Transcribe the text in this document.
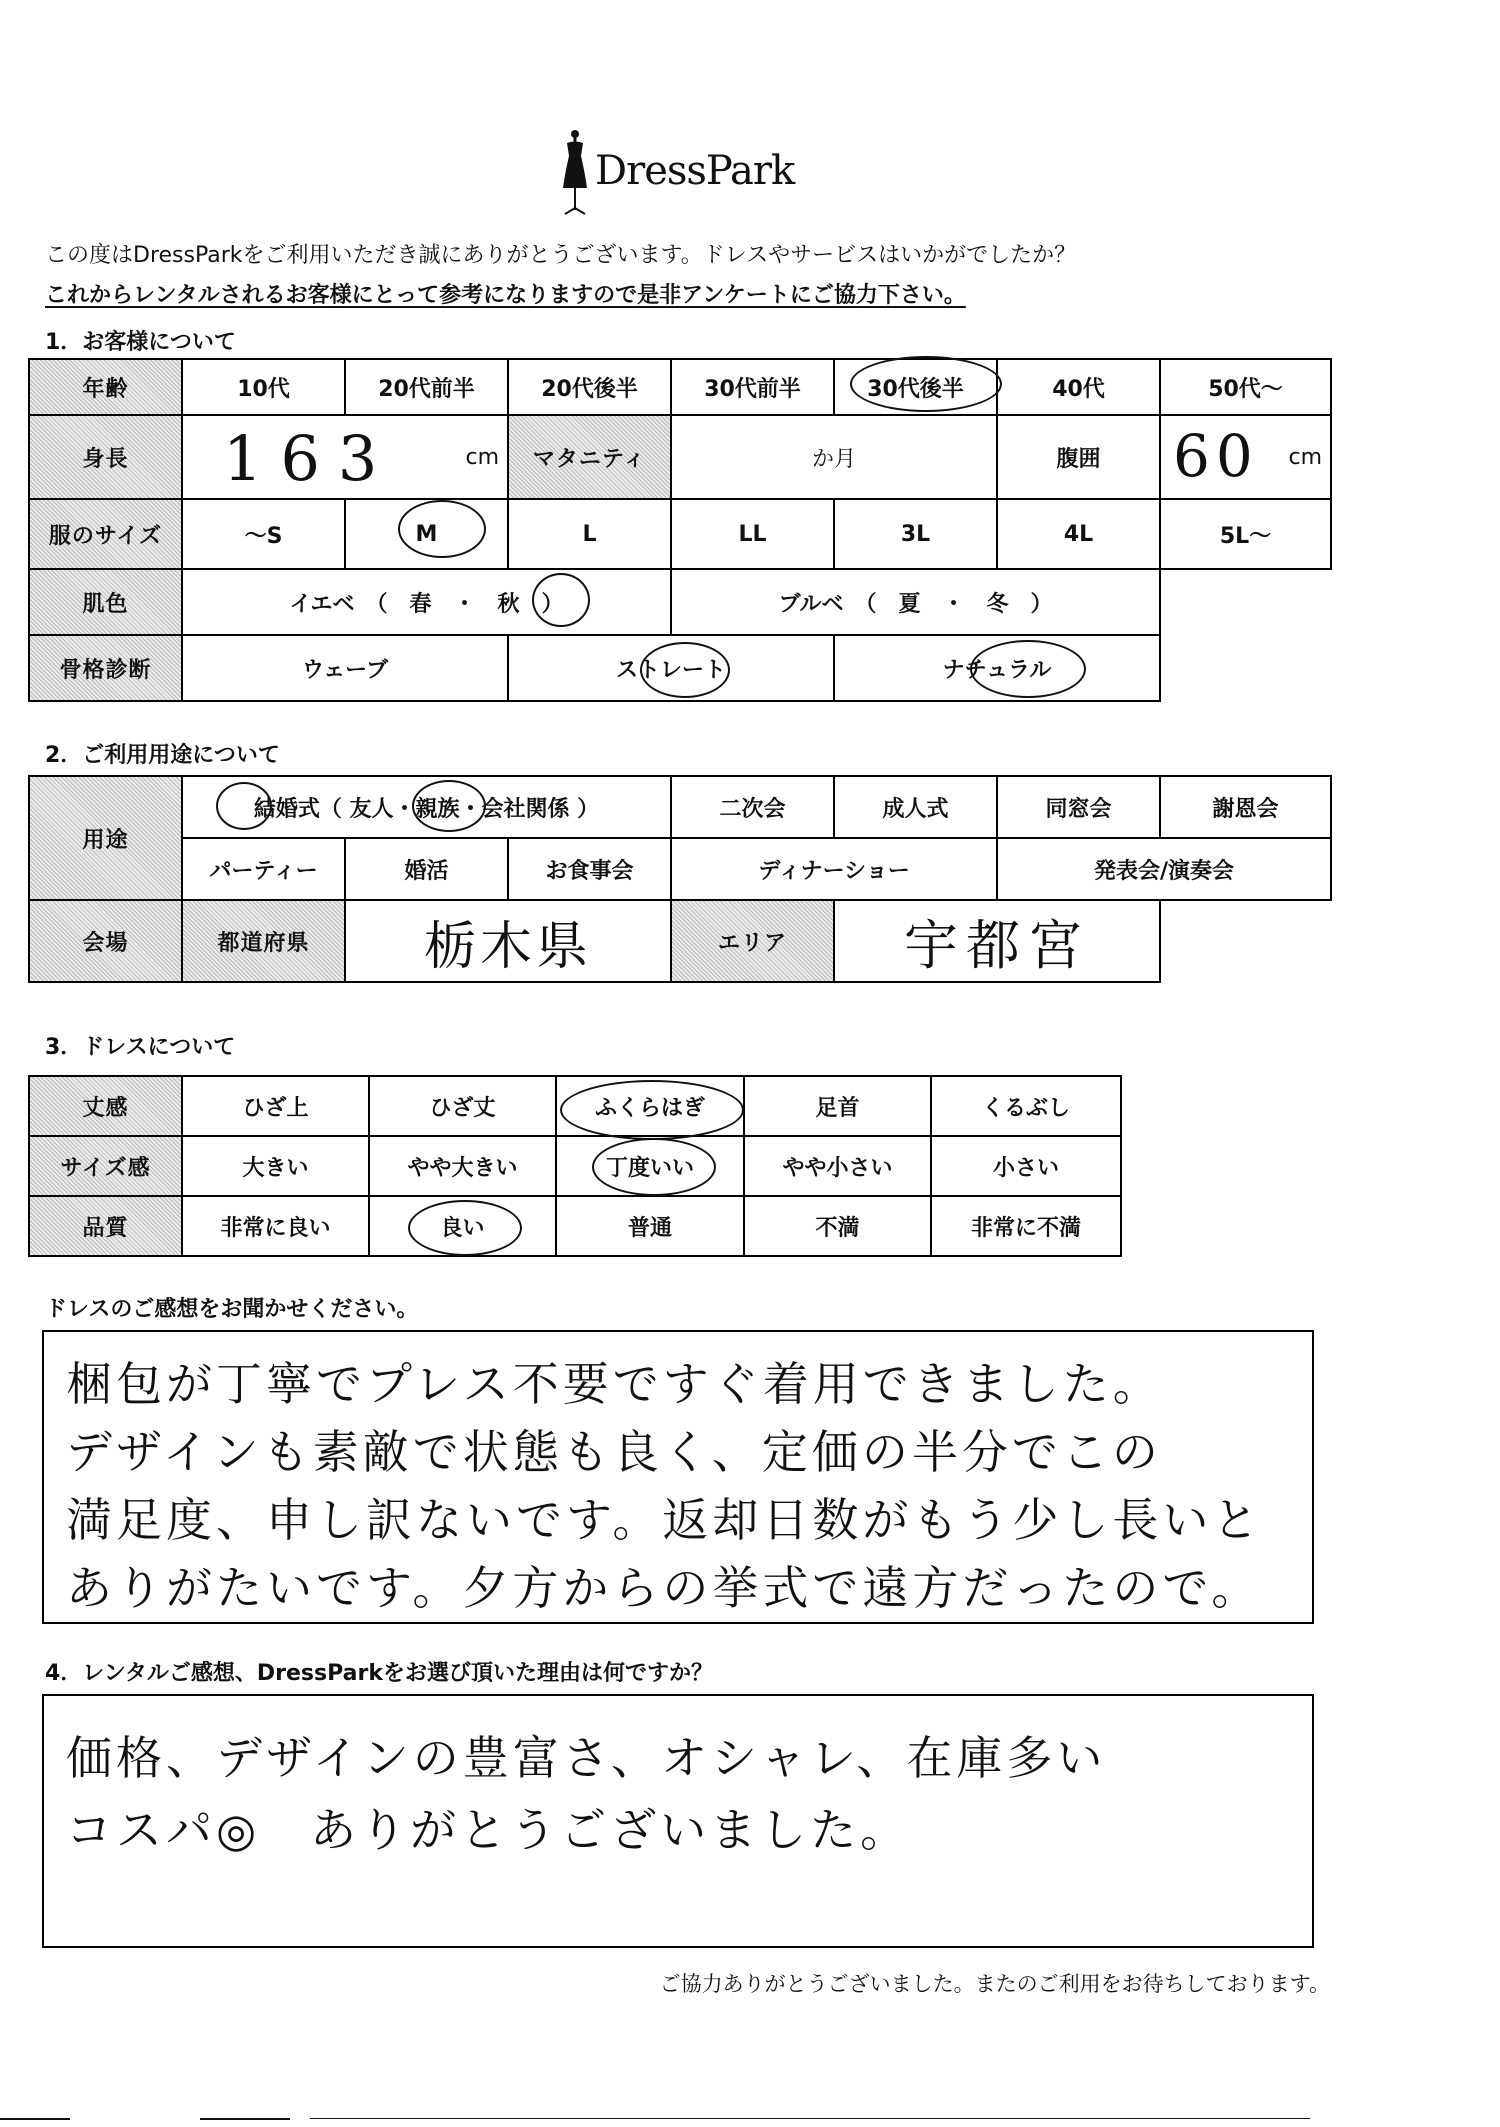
DressPark
この度はDressParkをご利用いただき誠にありがとうございます。ドレスやサービスはいかがでしたか？
これからレンタルされるお客様にとって参考になりますので是非アンケートにご協力下さい。
1．お客様について
年齢	10代	20代前半	20代後半	30代前半	30代後半	40代	50代～
身長	163 cm		マタニティ	か月		腹囲	60 cm
服のサイズ	～S	M	L	LL	3L	4L	5L～
肌色	イエベ　（　春　・　秋　）			ブルベ　（　夏　・　冬　）			
骨格診断	ウェーブ		ストレート		ナチュラル		
2．ご利用用途について
用途	結婚式（ 友人・親族・会社関係 ）			二次会	成人式	同窓会	謝恩会
	パーティー	婚活	お食事会	ディナーショー		発表会/演奏会	
会場	都道府県	栃木県		エリア	宇都宮		
3．ドレスについて
丈感	ひざ上	ひざ丈	ふくらはぎ	足首	くるぶし
サイズ感	大きい	やや大きい	丁度いい	やや小さい	小さい
品質	非常に良い	良い	普通	不満	非常に不満
ドレスのご感想をお聞かせください。
梱包が丁寧でプレス不要ですぐ着用できました。
デザインも素敵で状態も良く、定価の半分でこの
満足度、申し訳ないです。返却日数がもう少し長いと
ありがたいです。夕方からの挙式で遠方だったので。
4．レンタルご感想、DressParkをお選び頂いた理由は何ですか？
価格、デザインの豊富さ、オシャレ、在庫多い
コスパ◎　ありがとうございました。
ご協力ありがとうございました。またのご利用をお待ちしております。
